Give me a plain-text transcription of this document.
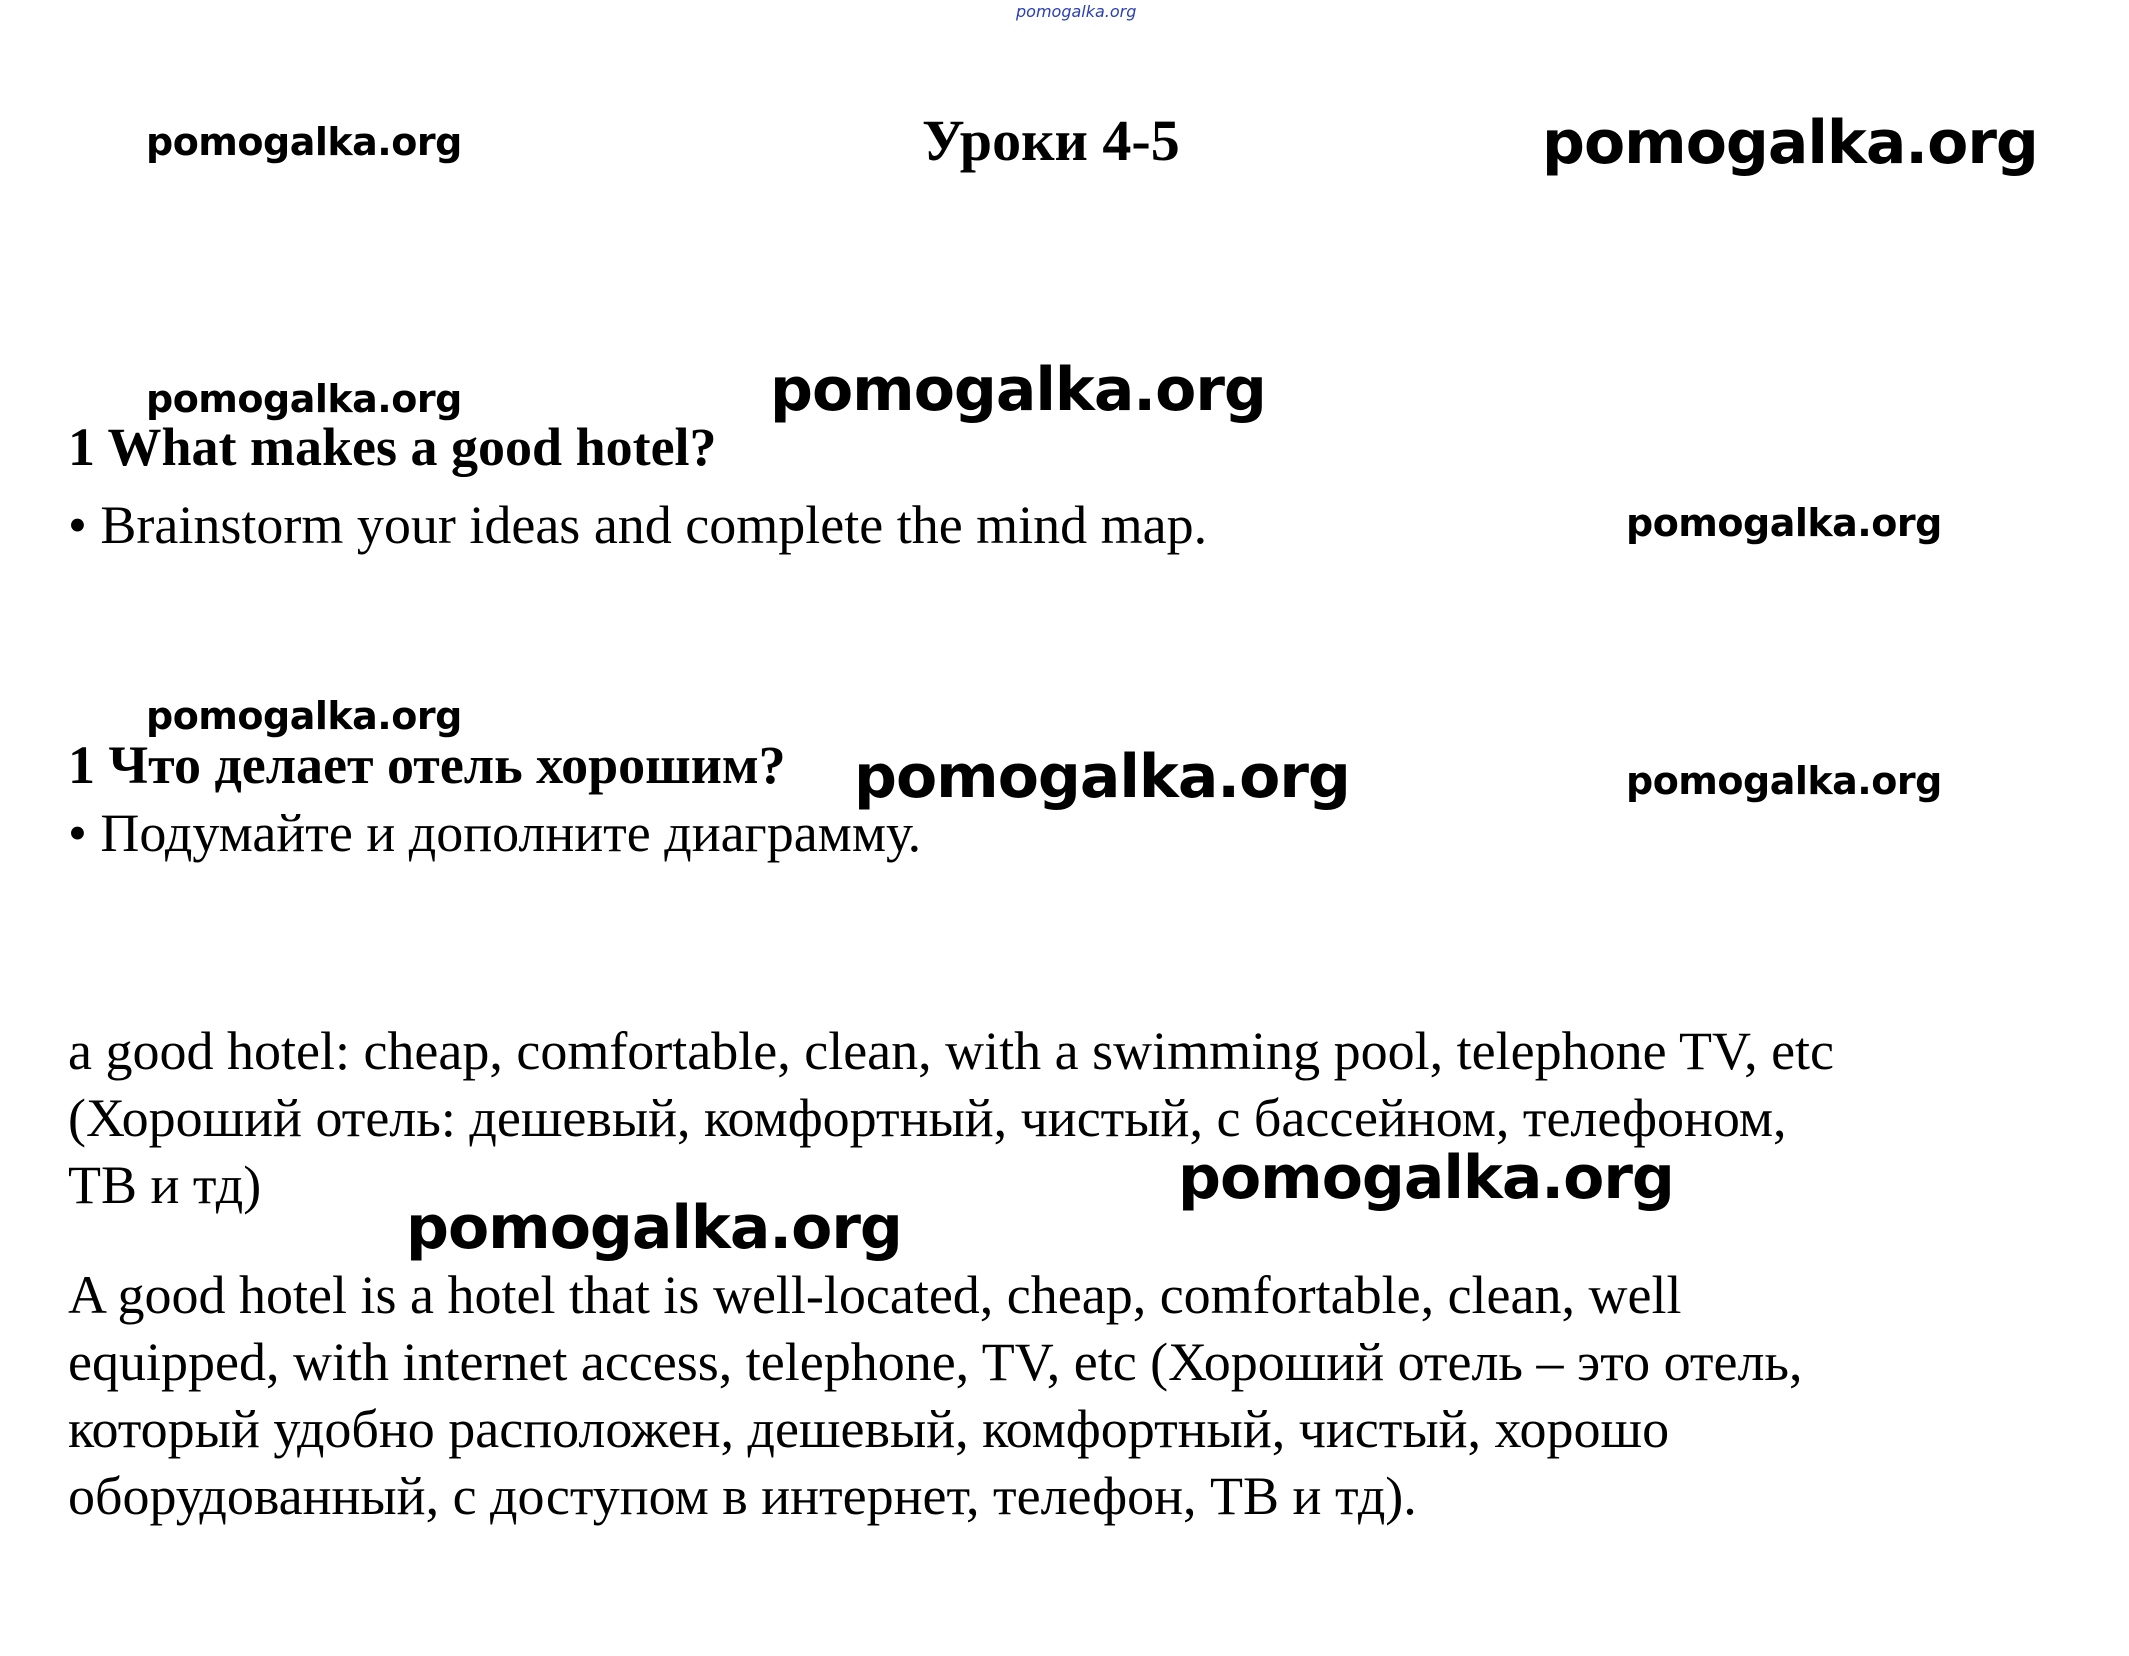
pomogalka.org
pomogalka.org	pomogalka.org
pomogalka.org	pomogalka.org
pomogalka.org
pomogalka.org
pomogalka.org	pomogalka.org
pomogalka.org
pomogalka.org
Уроки 4-5
1 What makes a good hotel?
• Brainstorm your ideas and complete the mind map.
1 Что делает отель хорошим?
• Подумайте и дополните диаграмму.
a good hotel: cheap, comfortable, clean, with a swimming pool, telephone TV, etc
(Хороший отель: дешевый, комфортный, чистый, с бассейном, телефоном,
ТВ и тд)
A good hotel is a hotel that is well-located, cheap, comfortable, clean, well
equipped, with internet access, telephone, TV, etc (Хороший отель – это отель,
который удобно расположен, дешевый, комфортный, чистый, хорошо
оборудованный, с доступом в интернет, телефон, ТВ и тд).
